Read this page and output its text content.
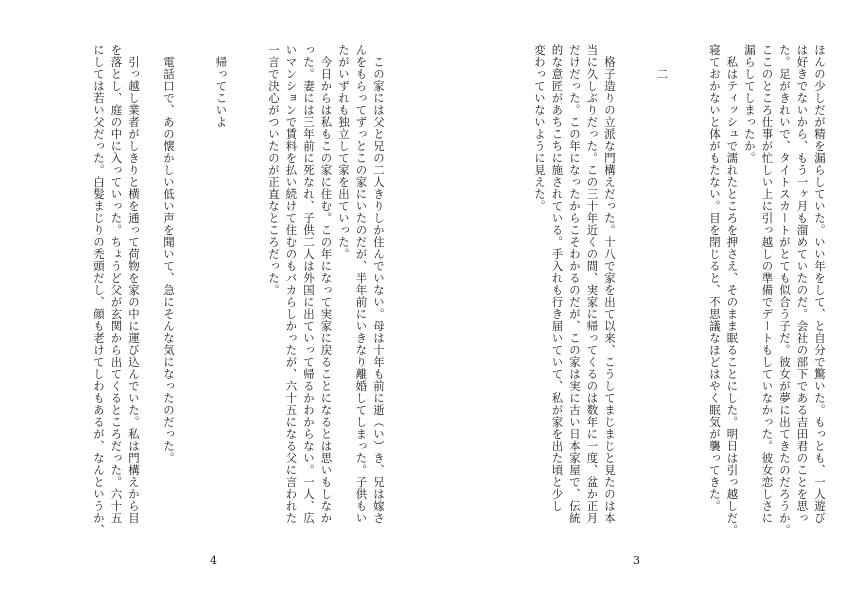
　この家には父と兄の二人きりしか住んでいない。母は十年も前に逝（い）き、兄は嫁さ
んをもらってずっとこの家にいたのだが、半年前にいきなり離婚してしまった。子供もい
たがいずれも独立して家を出ていった。
　今日からは私もこの家に住む。この年になって実家に戻ることになるとは思いもしなか
った。妻には三年前に死なれ、子供二人は外国に出ていって帰るかわからない。一人、広
いマンションで賃料を払い続けて住むのもバカらしかったが、六十五になる父に言われた
一言で決心がついたのが正直なところだった。

　帰ってこいよ

　電話口で、あの懐かしい低い声を聞いて、急にそんな気になったのだった。

　引っ越し業者がしきりと横を通って荷物を家の中に運び込んでいた。私は門構えから目
を落とし、庭の中に入っていった。ちょうど父が玄関から出てくるところだった。六十五
にしては若い父だった。白髪まじりの禿頭だし、顔も老けてしわもあるが、なんというか、
4
ほんの少しだが精を漏らしていた。いい年をして、と自分で驚いた。もっとも、一人遊び
は好きでないから、もう一ヶ月も溜めていたのだ。会社の部下である吉田君のことを思っ
た。足がきれいで、タイトスカートがとても似合う子だ。彼女が夢に出てきたのだろうか。
ここのところ仕事が忙しい上に引っ越しの準備でデートもしていなかった。彼女恋しさに
漏らしてしまったか。
　私はティッシュで濡れたところを押さえ、そのまま眠ることにした。明日は引っ越しだ。
寝ておかないと体がもたない。目を閉じると、不思議なほどはやく眠気が襲ってきた。

　　二

　格子造りの立派な門構えだった。十八で家を出て以来、こうしてまじまじと見たのは本
当に久しぶりだった。この三十年近くの間、実家に帰ってくるのは数年に一度、盆か正月
だけだった。この年になったからこそわかるのだが、この家は実に古い日本家屋で、伝統
的な意匠があちこちに施されている。手入れも行き届いていて、私が家を出た頃と少し
変わっていないように見えた。
3
